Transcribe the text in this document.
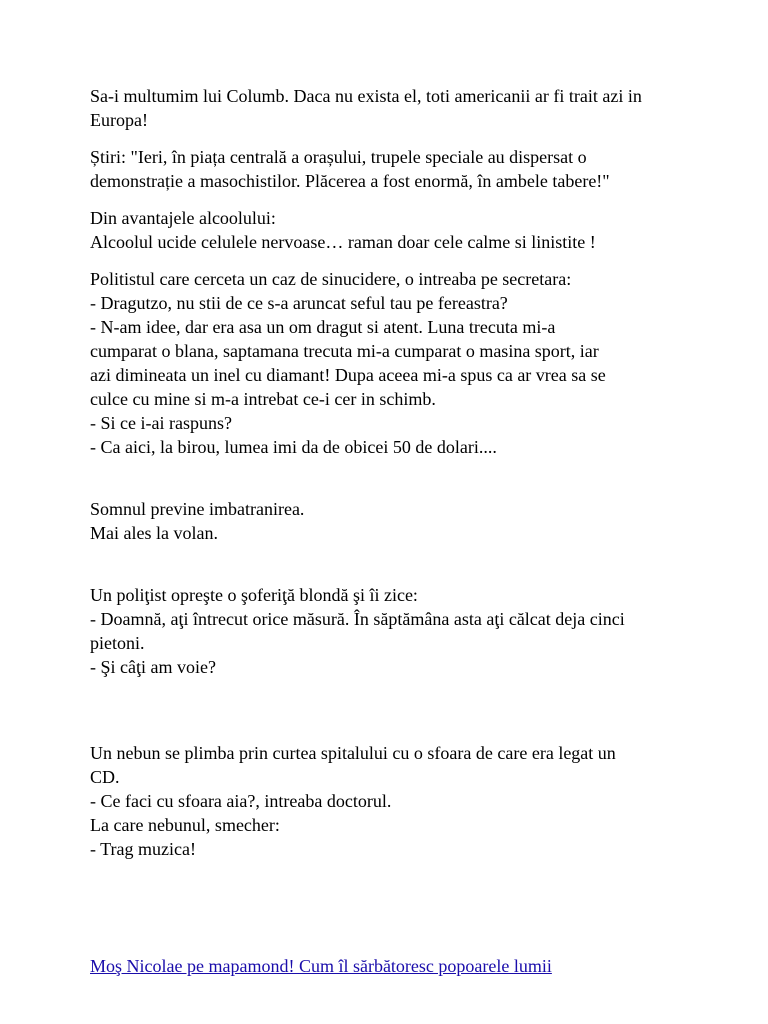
Sa-i multumim lui Columb. Daca nu exista el, toti americanii ar fi trait azi in
Europa!

Știri: "Ieri, în piața centrală a orașului, trupele speciale au dispersat o
demonstrație a masochistilor. Plăcerea a fost enormă, în ambele tabere!"

Din avantajele alcoolului:
Alcoolul ucide celulele nervoase… raman doar cele calme si linistite !

Politistul care cerceta un caz de sinucidere, o intreaba pe secretara:
- Dragutzo, nu stii de ce s-a aruncat seful tau pe fereastra?
- N-am idee, dar era asa un om dragut si atent. Luna trecuta mi-a
cumparat o blana, saptamana trecuta mi-a cumparat o masina sport, iar
azi dimineata un inel cu diamant! Dupa aceea mi-a spus ca ar vrea sa se
culce cu mine si m-a intrebat ce-i cer in schimb.
- Si ce i-ai raspuns?
- Ca aici, la birou, lumea imi da de obicei 50 de dolari....

Somnul previne imbatranirea.
Mai ales la volan.

Un poliţist opreşte o şoferiţă blondă şi îi zice:
- Doamnă, aţi întrecut orice măsură. În săptămâna asta aţi călcat deja cinci
pietoni.
- Şi câţi am voie?

Un nebun se plimba prin curtea spitalului cu o sfoara de care era legat un
CD.
- Ce faci cu sfoara aia?, intreaba doctorul.
La care nebunul, smecher:
- Trag muzica!

Moş Nicolae pe mapamond! Cum îl sărbătoresc popoarele lumii
